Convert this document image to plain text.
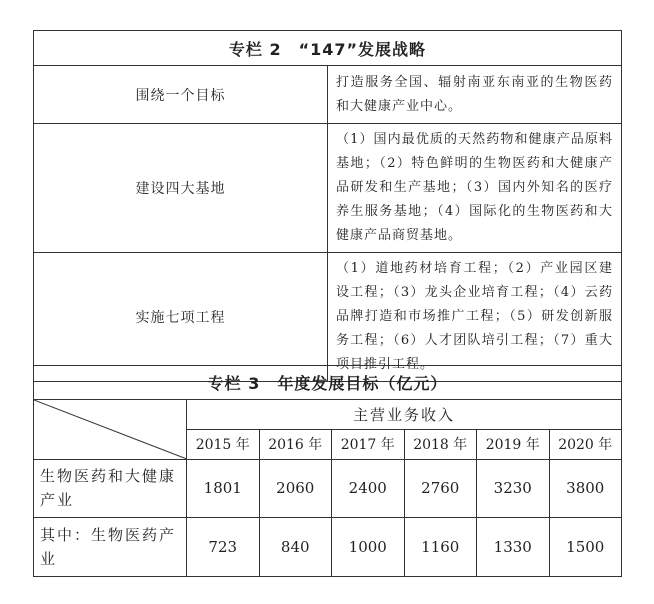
专栏 2　“147”发展战略	
围绕一个目标	打造服务全国、辐射南亚东南亚的生物医药和大健康产业中心。
建设四大基地	（1）国内最优质的天然药物和健康产品原料基地；（2）特色鲜明的生物医药和大健康产品研发和生产基地；（3）国内外知名的医疗养生服务基地；（4）国际化的生物医药和大健康产品商贸基地。
实施七项工程	（1）道地药材培育工程；（2）产业园区建设工程；（3）龙头企业培育工程；（4）云药品牌打造和市场推广工程；（5）研发创新服务工程；（6）人才团队培引工程；（7）重大项目推引工程。
专栏 3　年度发展目标（亿元）						

	主营业务收入					
	2015 年	2016 年	2017 年	2018 年	2019 年	2020 年
生物医药和大健康产业	1801	2060	2400	2760	3230	3800
其中：生物医药产业	723	840	1000	1160	1330	1500
